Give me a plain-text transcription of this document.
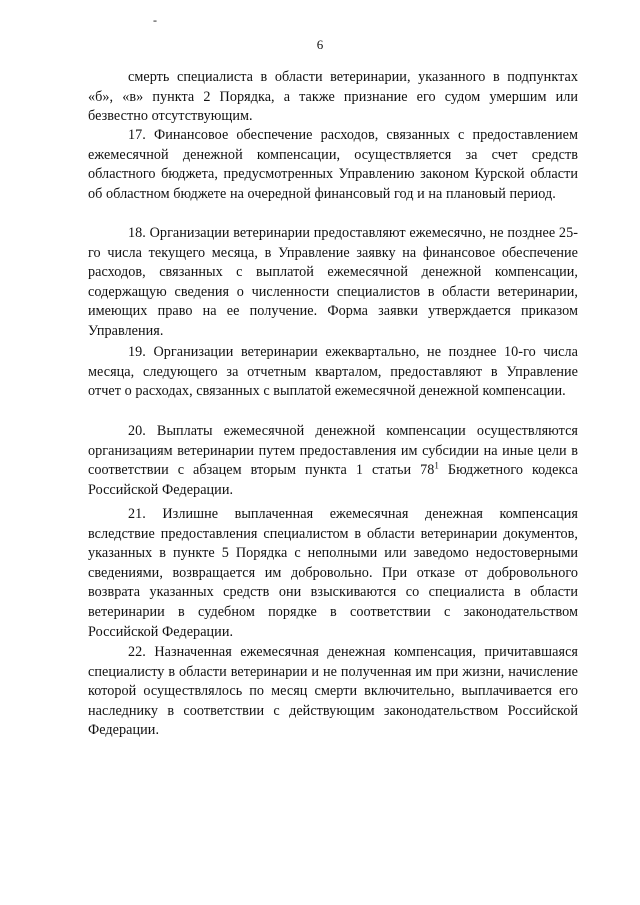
-
6

смерть специалиста в области ветеринарии, указанного в подпунктах «б», «в» пункта 2 Порядка, а также признание его судом умершим или безвестно отсутствующим.

17. Финансовое обеспечение расходов, связанных с предоставлением ежемесячной денежной компенсации, осуществляется за счет средств областного бюджета, предусмотренных Управлению законом Курской области об областном бюджете на очередной финансовый год и на плановый период.

18. Организации ветеринарии предоставляют ежемесячно, не позднее 25-го числа текущего месяца, в Управление заявку на финансовое обеспечение расходов, связанных с выплатой ежемесячной денежной компенсации, содержащую сведения о численности специалистов в области ветеринарии, имеющих право на ее получение. Форма заявки утверждается приказом Управления.

19. Организации ветеринарии ежеквартально, не позднее 10-го числа месяца, следующего за отчетным кварталом, предоставляют в Управление отчет о расходах, связанных с выплатой ежемесячной денежной компенсации.

20. Выплаты ежемесячной денежной компенсации осуществляются организациям ветеринарии путем предоставления им субсидии на иные цели в соответствии с абзацем вторым пункта 1 статьи $78^1$ Бюджетного кодекса Российской Федерации.

21. Излишне выплаченная ежемесячная денежная компенсация вследствие предоставления специалистом в области ветеринарии документов, указанных в пункте 5 Порядка с неполными или заведомо недостоверными сведениями, возвращается им добровольно. При отказе от добровольного возврата указанных средств они взыскиваются со специалиста в области ветеринарии в судебном порядке в соответствии с законодательством Российской Федерации.

22. Назначенная ежемесячная денежная компенсация, причитавшаяся специалисту в области ветеринарии и не полученная им при жизни, начисление которой осуществлялось по месяц смерти включительно, выплачивается его наследнику в соответствии с действующим законодательством Российской Федерации.
